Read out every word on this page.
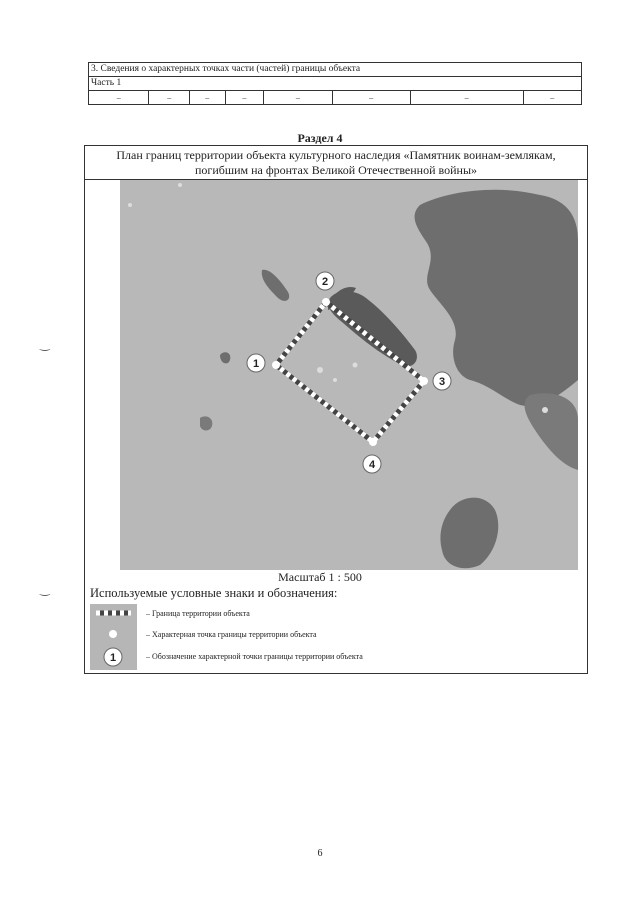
3. Сведения о характерных точках части (частей) границы объекта
Часть 1
–	–	–	–	–	–	–	–
Раздел 4
План границ территории объекта культурного наследия «Памятник воинам-землякам,
погибшим на фронтах Великой Отечественной войны»
1
2
3
4
Масштаб 1 : 500
Используемые условные знаки и обозначения:
1
– Граница территории объекта
– Характерная точка границы территории объекта
– Обозначение характерной точки границы территории объекта
‿
‿
6
